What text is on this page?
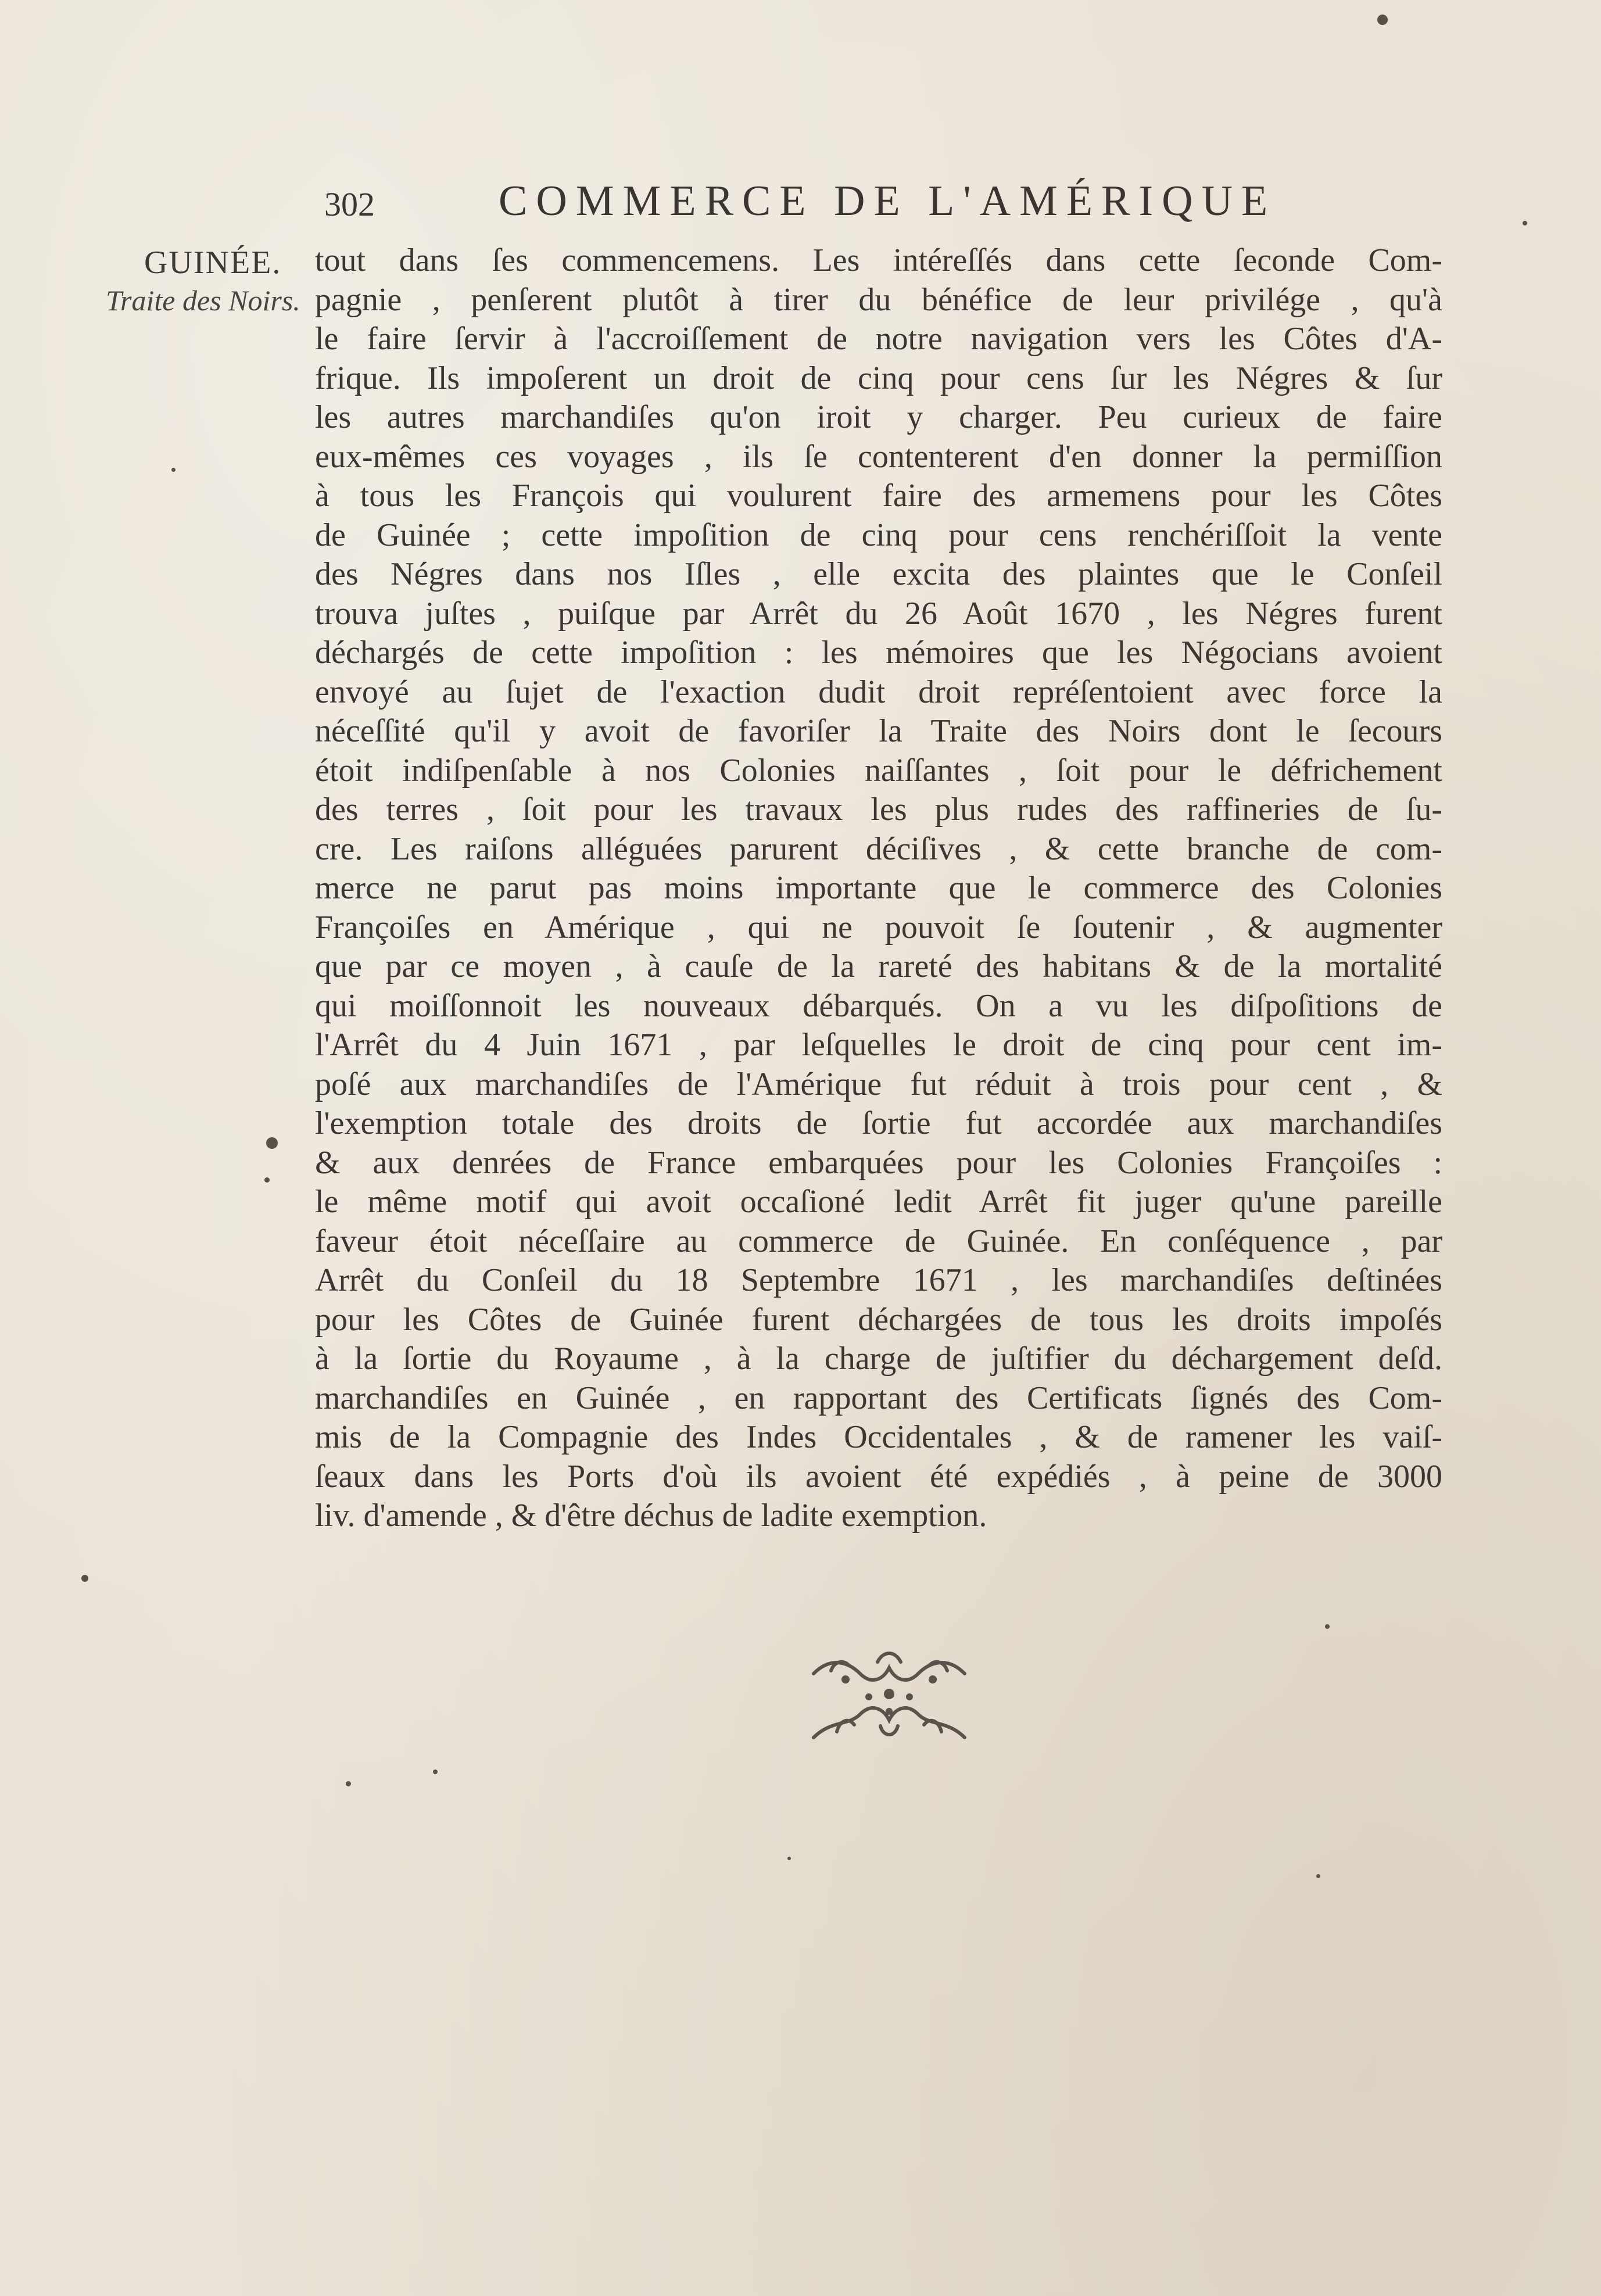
302	COMMERCE DE L'AMÉRIQUE
GUINÉE.
Traite des Noirs.
tout dans ſes commencemens. Les intéreſſés dans cette ſeconde Com-
pagnie , penſerent plutôt à tirer du bénéfice de leur privilége , qu'à
le faire ſervir à l'accroiſſement de notre navigation vers les Côtes d'A-
frique. Ils impoſerent un droit de cinq pour cens ſur les Négres & ſur
les autres marchandiſes qu'on iroit y charger. Peu curieux de faire
eux-mêmes ces voyages , ils ſe contenterent d'en donner la permiſſion
à tous les François qui voulurent faire des armemens pour les Côtes
de Guinée ; cette impoſition de cinq pour cens renchériſſoit la vente
des Négres dans nos Iſles , elle excita des plaintes que le Conſeil
trouva juſtes , puiſque par Arrêt du 26 Août 1670 , les Négres furent
déchargés de cette impoſition : les mémoires que les Négocians avoient
envoyé au ſujet de l'exaction dudit droit repréſentoient avec force la
néceſſité qu'il y avoit de favoriſer la Traite des Noirs dont le ſecours
étoit indiſpenſable à nos Colonies naiſſantes , ſoit pour le défrichement
des terres , ſoit pour les travaux les plus rudes des raffineries de ſu-
cre. Les raiſons alléguées parurent déciſives , & cette branche de com-
merce ne parut pas moins importante que le commerce des Colonies
Françoiſes en Amérique , qui ne pouvoit ſe ſoutenir , & augmenter
que par ce moyen , à cauſe de la rareté des habitans & de la mortalité
qui moiſſonnoit les nouveaux débarqués. On a vu les diſpoſitions de
l'Arrêt du 4 Juin 1671 , par leſquelles le droit de cinq pour cent im-
poſé aux marchandiſes de l'Amérique fut réduit à trois pour cent , &
l'exemption totale des droits de ſortie fut accordée aux marchandiſes
& aux denrées de France embarquées pour les Colonies Françoiſes :
le même motif qui avoit occaſioné ledit Arrêt fit juger qu'une pareille
faveur étoit néceſſaire au commerce de Guinée. En conſéquence , par
Arrêt du Conſeil du 18 Septembre 1671 , les marchandiſes deſtinées
pour les Côtes de Guinée furent déchargées de tous les droits impoſés
à la ſortie du Royaume , à la charge de juſtifier du déchargement deſd.
marchandiſes en Guinée , en rapportant des Certificats ſignés des Com-
mis de la Compagnie des Indes Occidentales , & de ramener les vaiſ-
ſeaux dans les Ports d'où ils avoient été expédiés , à peine de 3000
liv. d'amende , & d'être déchus de ladite exemption.
